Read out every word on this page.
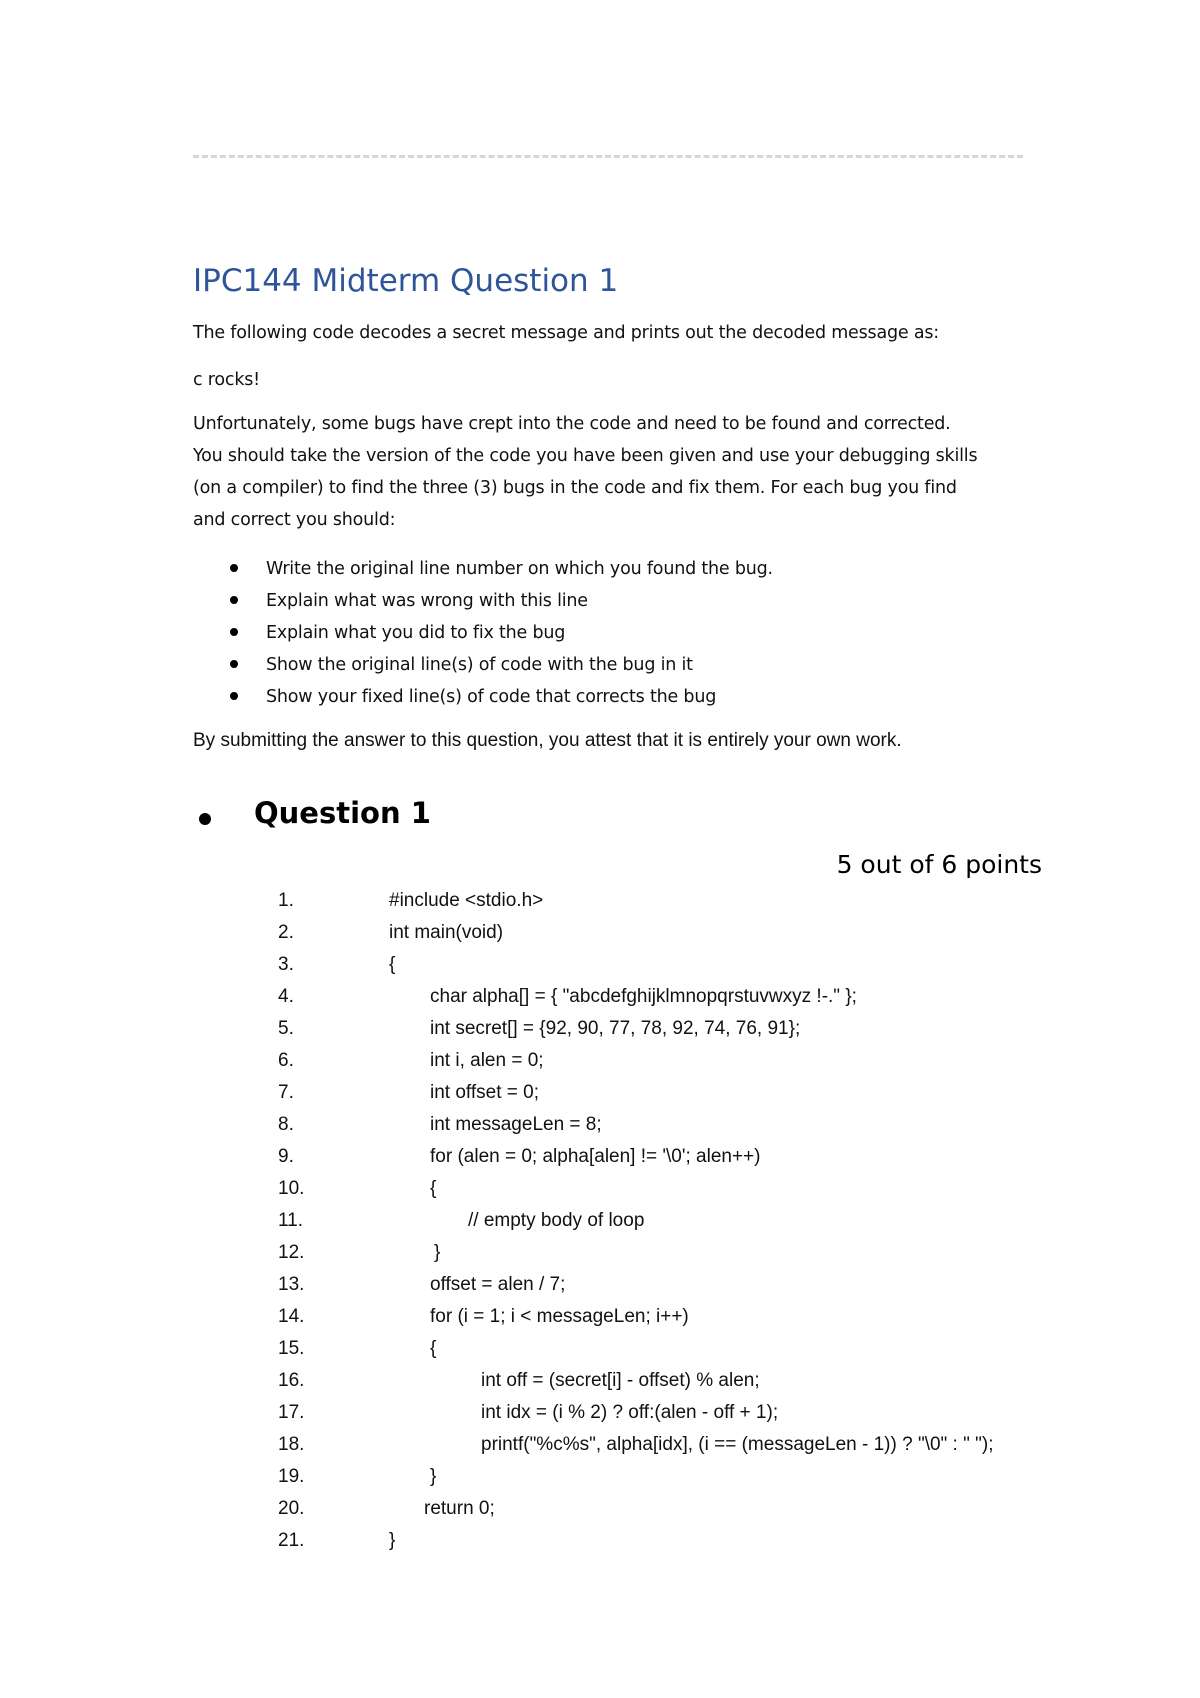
IPC144 Midterm Question 1

The following code decodes a secret message and prints out the decoded message as:

c rocks!

Unfortunately, some bugs have crept into the code and need to be found and corrected.
You should take the version of the code you have been given and use your debugging skills
(on a compiler) to find the three (3) bugs in the code and fix them. For each bug you find
and correct you should:
Write the original line number on which you found the bug.
Explain what was wrong with this line
Explain what you did to fix the bug
Show the original line(s) of code with the bug in it
Show your fixed line(s) of code that corrects the bug

By submitting the answer to this question, you attest that it is entirely your own work.

Question 1

5 out of 6 points

1.	#include <stdio.h>
2.	int main(void)
3.	{
4.	char alpha[] = { "abcdefghijklmnopqrstuvwxyz !-." };
5.	int secret[] = {92, 90, 77, 78, 92, 74, 76, 91};
6.	int i, alen = 0;
7.	int offset = 0;
8.	int messageLen = 8;
9.	for (alen = 0; alpha[alen] != '\0'; alen++)
10.	{
11.	// empty body of loop
12.	}
13.	offset = alen / 7;
14.	for (i = 1; i < messageLen; i++)
15.	{
16.	int off = (secret[i] - offset) % alen;
17.	int idx = (i % 2) ? off:(alen - off + 1);
18.	printf("%c%s", alpha[idx], (i == (messageLen - 1)) ? "\0" : " ");
19.	}
20.	return 0;
21.	}
